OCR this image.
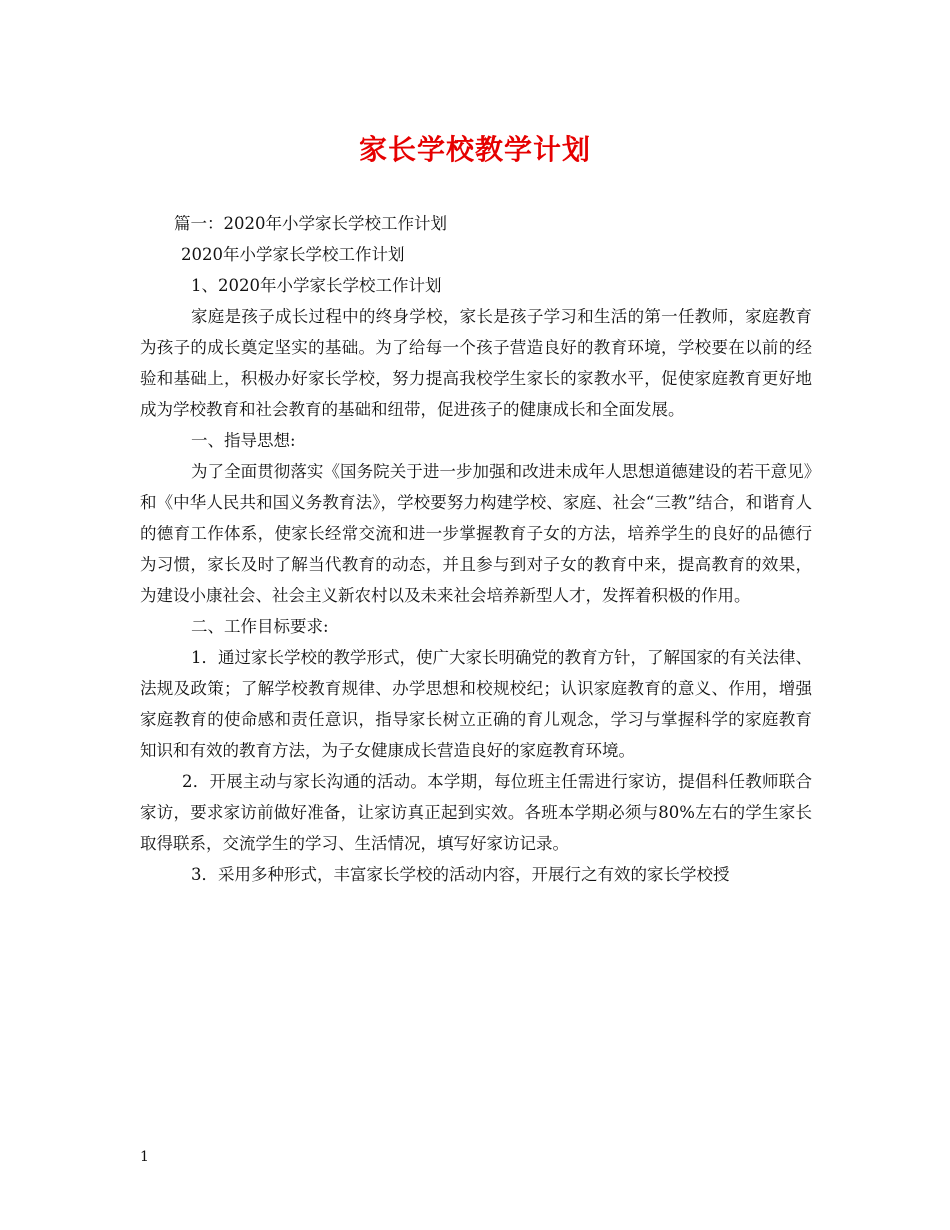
家长学校教学计划
篇一：2020年小学家长学校工作计划
2020年小学家长学校工作计划
1、2020年小学家长学校工作计划
家庭是孩子成长过程中的终身学校，家长是孩子学习和生活的第一任教师，家庭教育为孩子的成长奠定坚实的基础。为了给每一个孩子营造良好的教育环境，学校要在以前的经验和基础上，积极办好家长学校，努力提高我校学生家长的家教水平，促使家庭教育更好地成为学校教育和社会教育的基础和纽带，促进孩子的健康成长和全面发展。
一、指导思想:
为了全面贯彻落实《国务院关于进一步加强和改进未成年人思想道德建设的若干意见》和《中华人民共和国义务教育法》，学校要努力构建学校、家庭、社会“三教”结合，和谐育人的德育工作体系，使家长经常交流和进一步掌握教育子女的方法，培养学生的良好的品德行为习惯，家长及时了解当代教育的动态，并且参与到对子女的教育中来，提高教育的效果，为建设小康社会、社会主义新农村以及未来社会培养新型人才，发挥着积极的作用。
二、工作目标要求:
1．通过家长学校的教学形式，使广大家长明确党的教育方针，了解国家的有关法律、法规及政策；了解学校教育规律、办学思想和校规校纪；认识家庭教育的意义、作用，增强家庭教育的使命感和责任意识，指导家长树立正确的育儿观念，学习与掌握科学的家庭教育知识和有效的教育方法，为子女健康成长营造良好的家庭教育环境。
2．开展主动与家长沟通的活动。本学期，每位班主任需进行家访，提倡科任教师联合家访，要求家访前做好准备，让家访真正起到实效。各班本学期必须与80%左右的学生家长取得联系，交流学生的学习、生活情况，填写好家访记录。
3．采用多种形式，丰富家长学校的活动内容，开展行之有效的家长学校授
1
